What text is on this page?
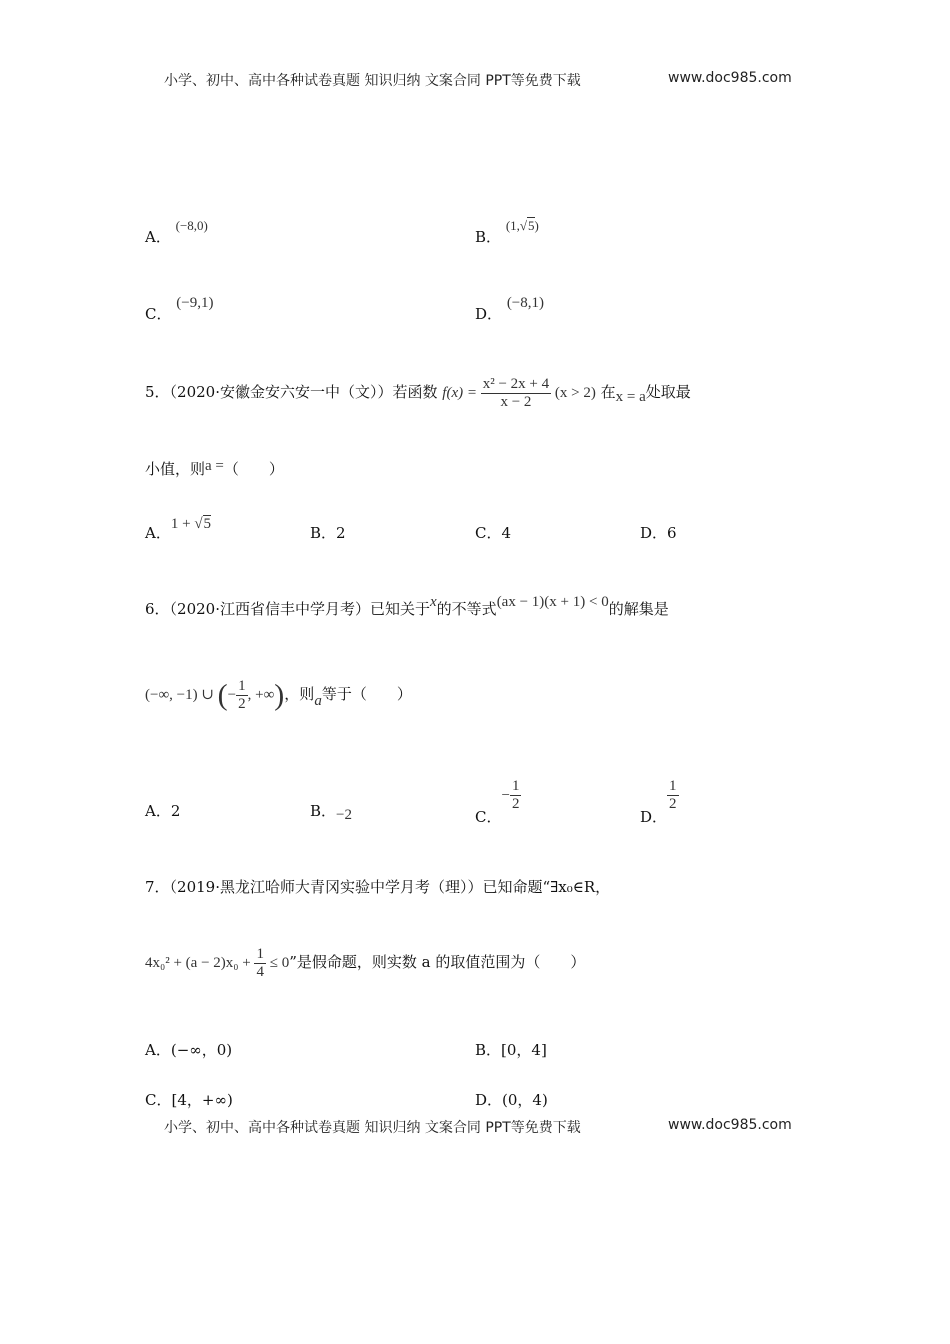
小学、初中、高中各种试卷真题 知识归纳 文案合同 PPT等免费下载	www.doc985.com
A． (−8,0)
B． (1,√5)
C． (−9,1)
D． (−8,1)
5．（2020·安徽金安六安一中（文））若函数 $f(x) = \frac{\text{x² − 2x + 4}}{x - 2} (x > 2)$ 在x = a处取最
小值，则a =（　　）
A．1 + √5	B．2	C．4	D．6
6．（2020·江西省信丰中学月考）已知关于x的不等式(ax − 1)(x + 1) < 0的解集是
(−∞, −1) ∪ (− $\frac{1}{2}$ , +∞)，则a等于（　　）
A．2	B．−2	C．− $\frac{1}{2}$
D．
$\frac{1}{2}$
7．（2019·黑龙江哈师大青冈实验中学月考（理））已知命题“∃x₀∈R，
$4x_0^2 + (a - 2)x_0 + \frac{1}{4} \le 0$”是假命题，则实数 a 的取值范围为（　　）
A．(−∞，0)	B．[0，4]
C．[4，+∞)	D．(0，4)
小学、初中、高中各种试卷真题 知识归纳 文案合同 PPT等免费下载	www.doc985.com
